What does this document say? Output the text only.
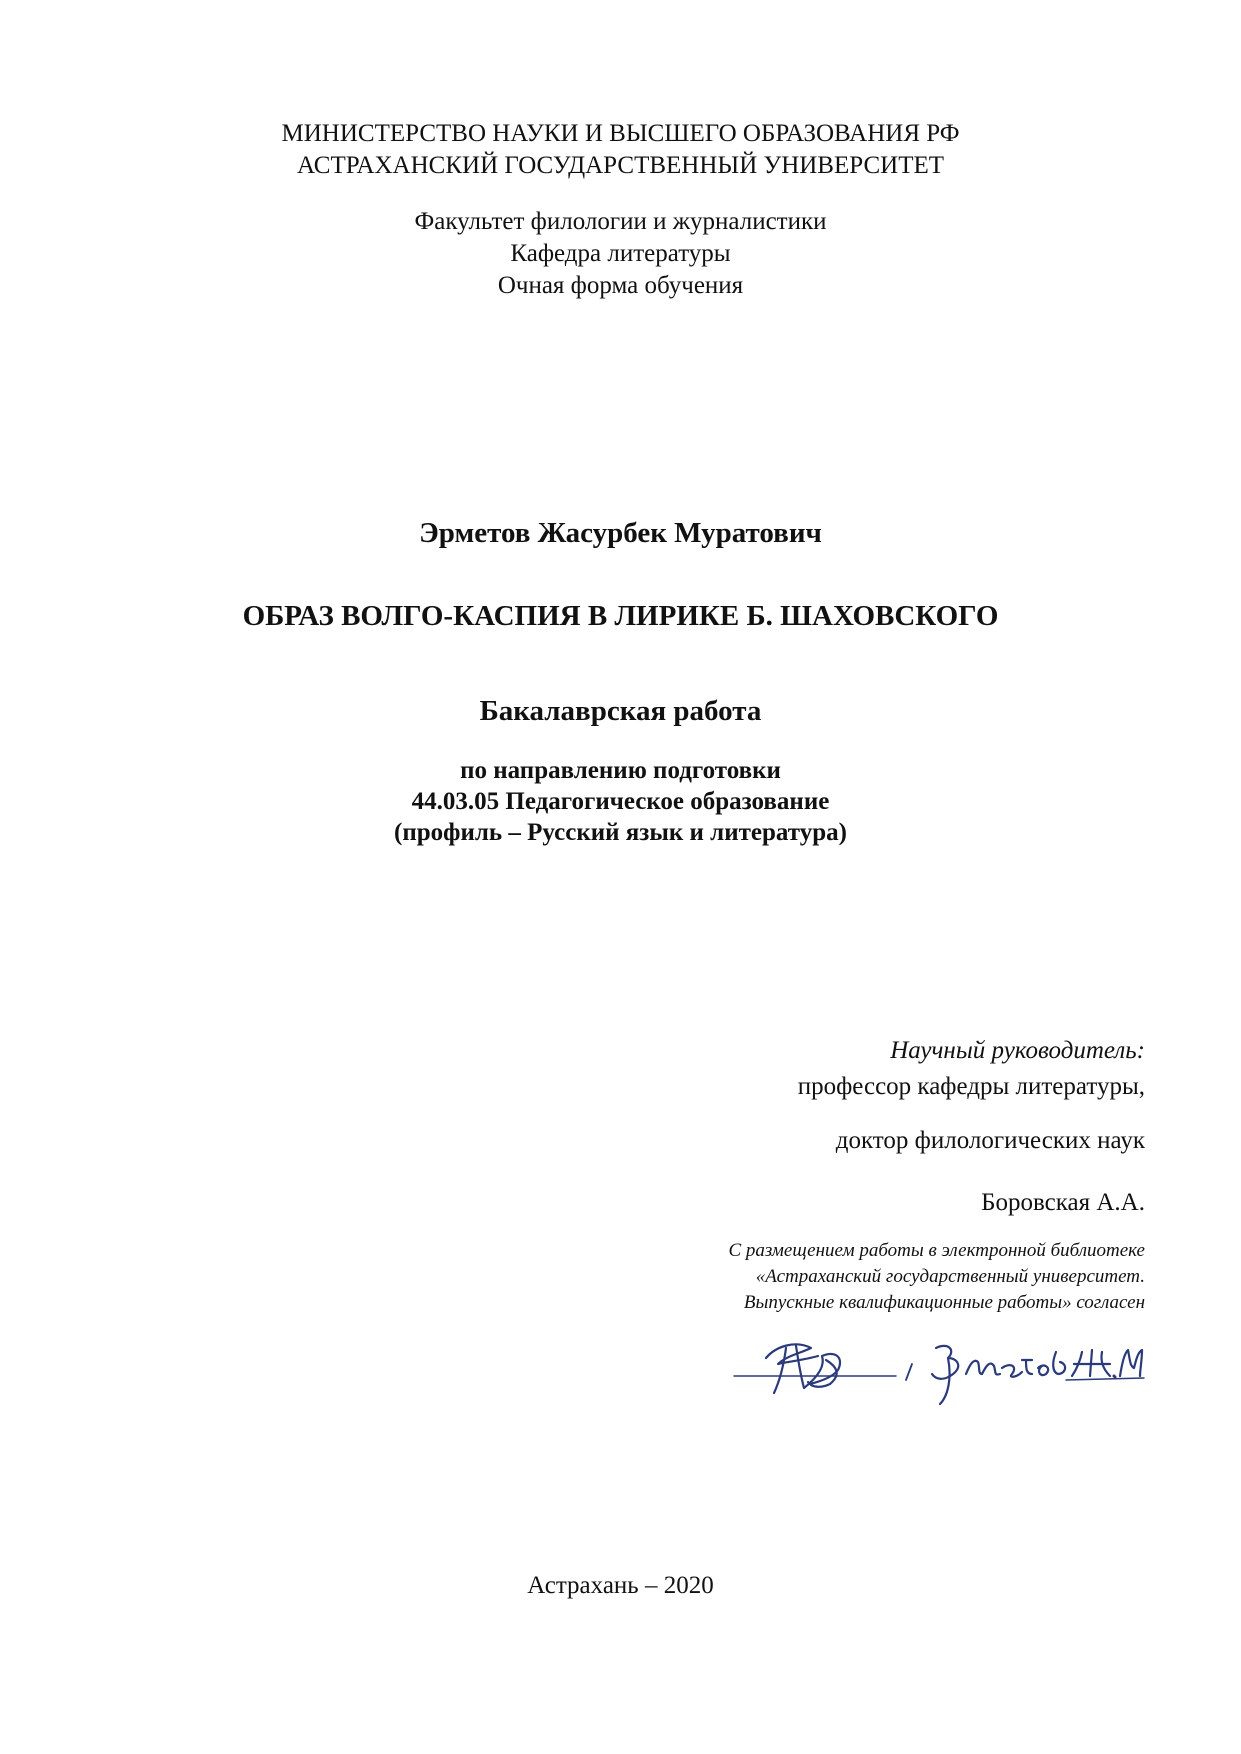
МИНИСТЕРСТВО НАУКИ И ВЫСШЕГО ОБРАЗОВАНИЯ РФ
АСТРАХАНСКИЙ ГОСУДАРСТВЕННЫЙ УНИВЕРСИТЕТ
Факультет филологии и журналистики
Кафедра литературы
Очная форма обучения
Эрметов Жасурбек Муратович
ОБРАЗ ВОЛГО-КАСПИЯ В ЛИРИКЕ Б. ШАХОВСКОГО
Бакалаврская работа
по направлению подготовки
44.03.05 Педагогическое образование
(профиль – Русский язык и литература)
Научный руководитель:
профессор кафедры литературы,
доктор филологических наук
Боровская А.А.
С размещением работы в электронной библиотеке
«Астраханский государственный университет.
Выпускные квалификационные работы» согласен
Астрахань – 2020
